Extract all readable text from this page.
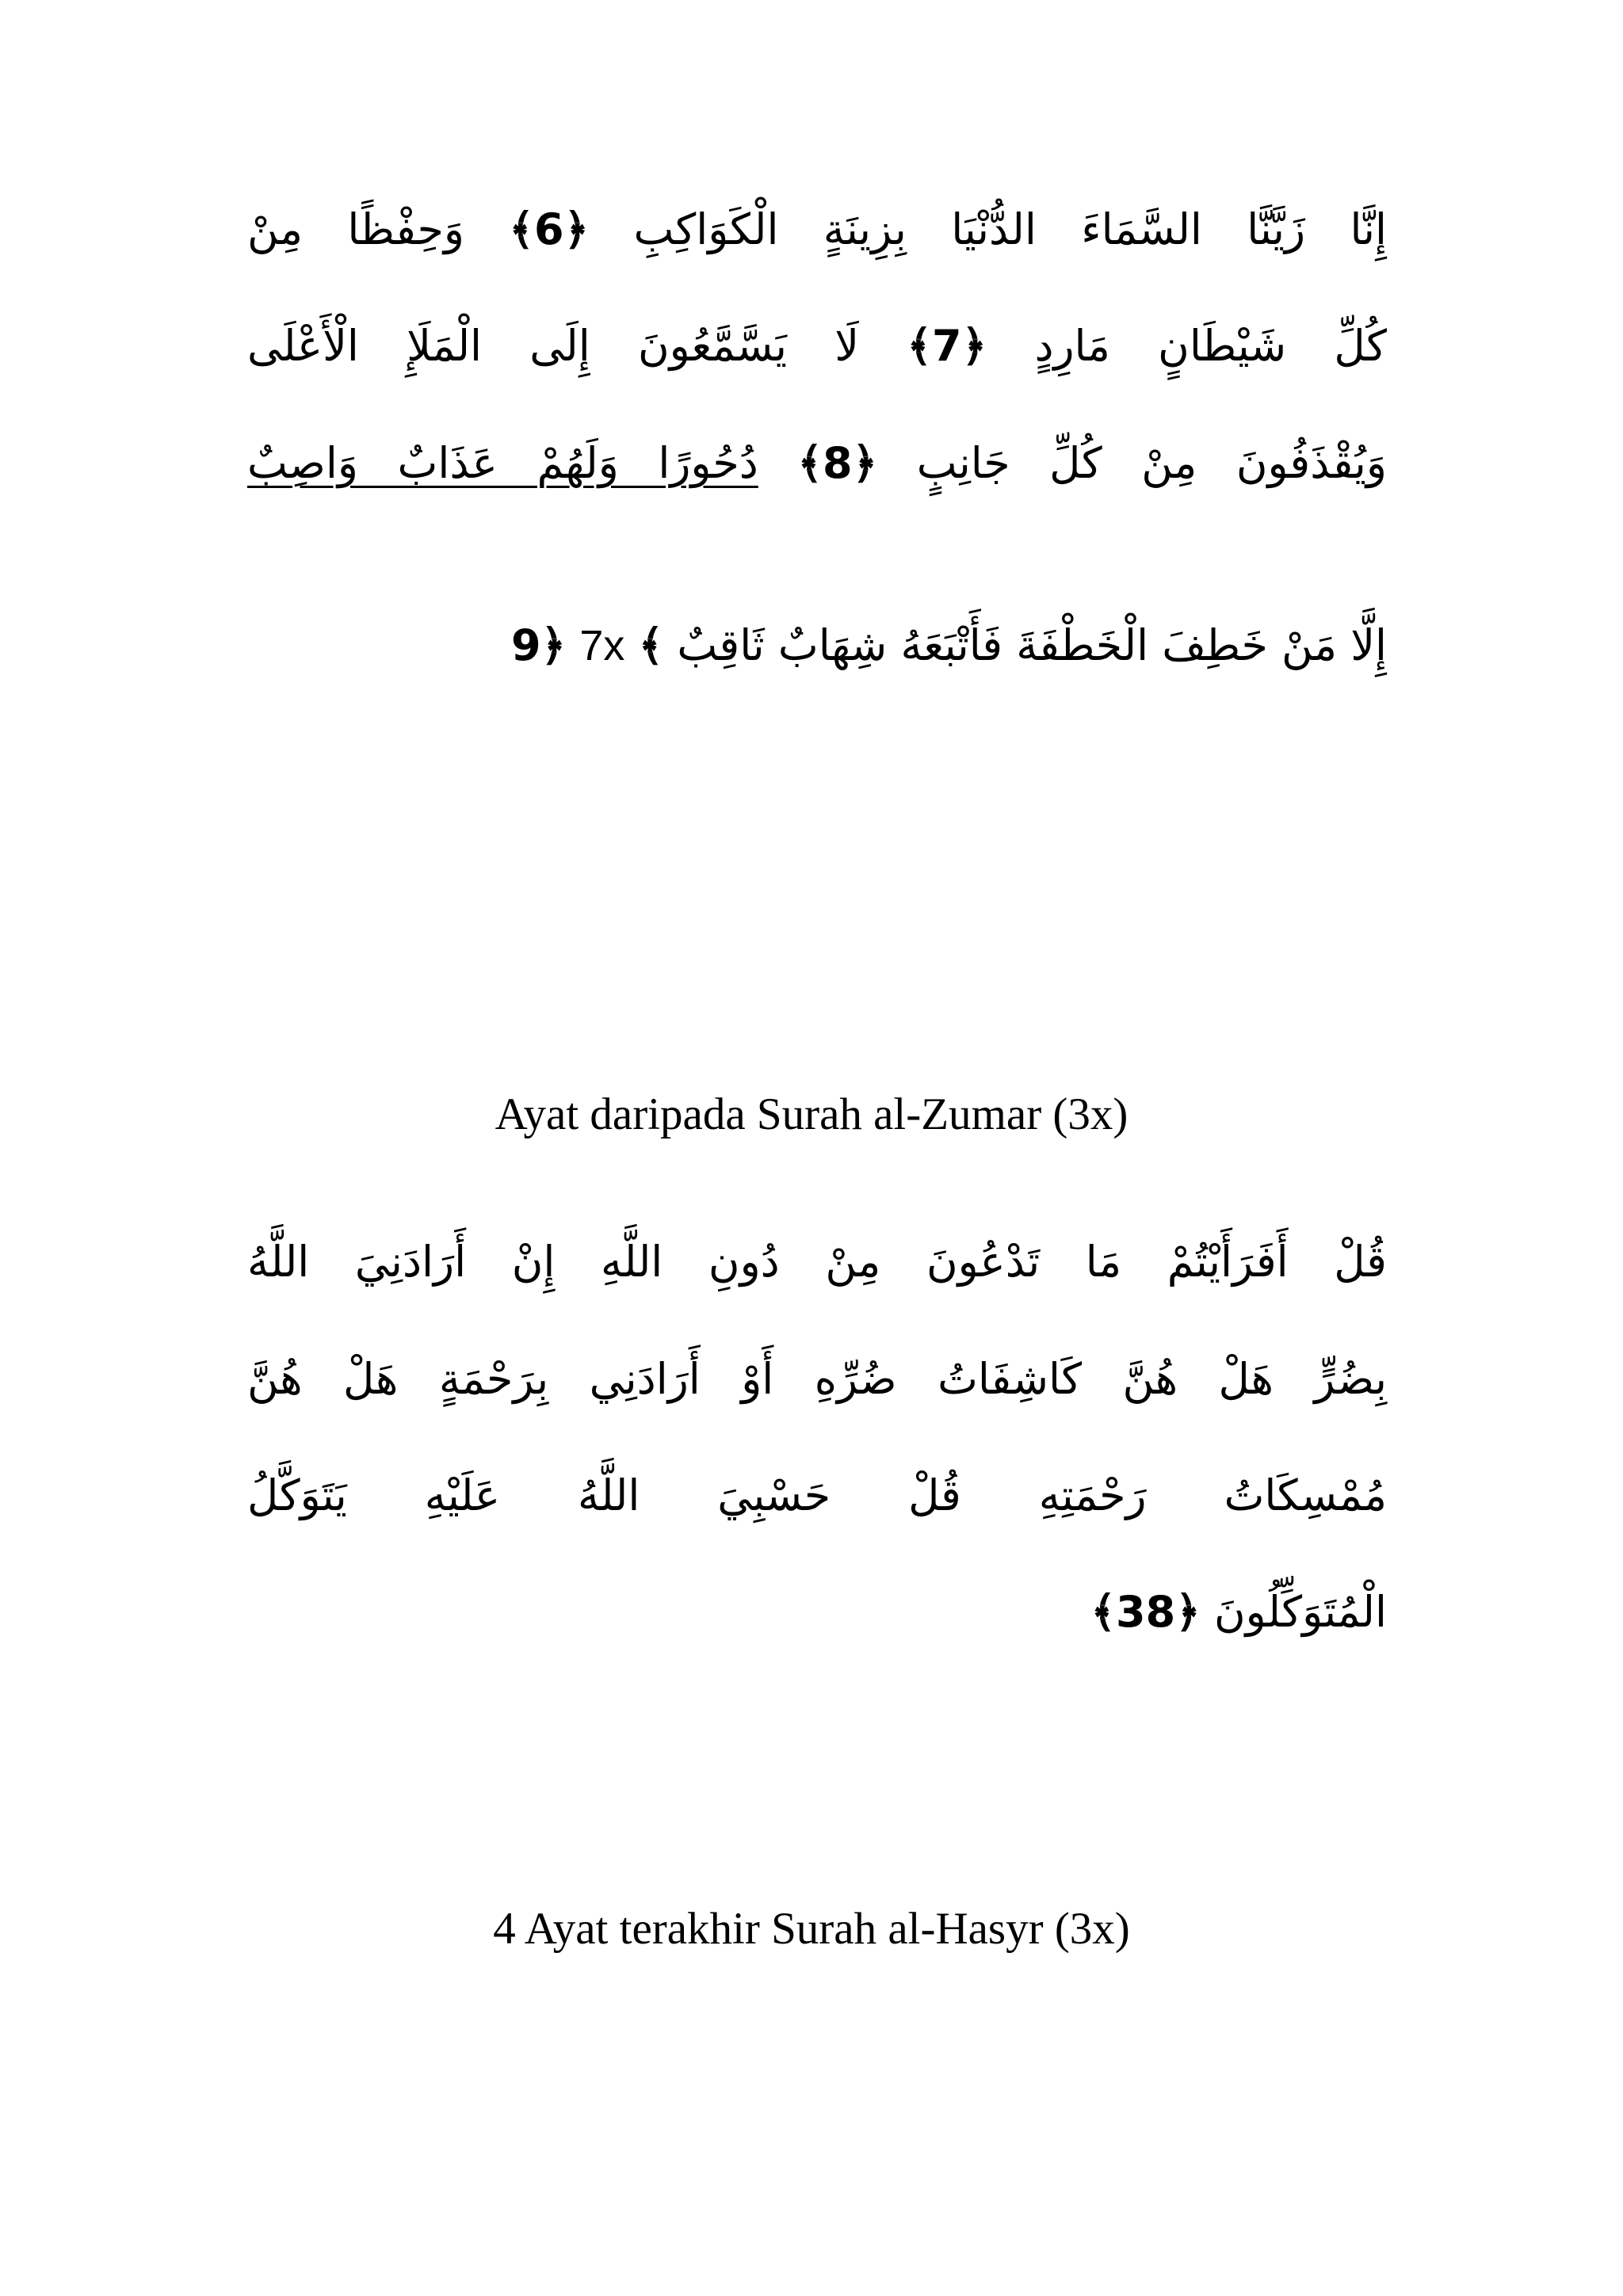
إِنَّا زَيَّنَّا السَّمَاءَ الدُّنْيَا بِزِينَةٍ الْكَوَاكِبِ ﴿6﴾ وَحِفْظًا مِنْ
كُلِّ شَيْطَانٍ مَارِدٍ ﴿7﴾ لَا يَسَّمَّعُونَ إِلَى الْمَلَإِ الْأَعْلَى
وَيُقْذَفُونَ مِنْ كُلِّ جَانِبٍ ﴿8﴾ دُحُورًا وَلَهُمْ عَذَابٌ وَاصِبٌ
إِلَّا مَنْ خَطِفَ الْخَطْفَةَ فَأَتْبَعَهُ شِهَابٌ ثَاقِبٌ ﴾ 7x ﴿9
Ayat daripada Surah al-Zumar (3x)
قُلْ أَفَرَأَيْتُمْ مَا تَدْعُونَ مِنْ دُونِ اللَّهِ إِنْ أَرَادَنِيَ اللَّهُ
بِضُرٍّ هَلْ هُنَّ كَاشِفَاتُ ضُرِّهِ أَوْ أَرَادَنِي بِرَحْمَةٍ هَلْ هُنَّ
مُمْسِكَاتُ رَحْمَتِهِ قُلْ حَسْبِيَ اللَّهُ عَلَيْهِ يَتَوَكَّلُ
الْمُتَوَكِّلُونَ ﴿38﴾
4 Ayat terakhir Surah al-Hasyr (3x)
